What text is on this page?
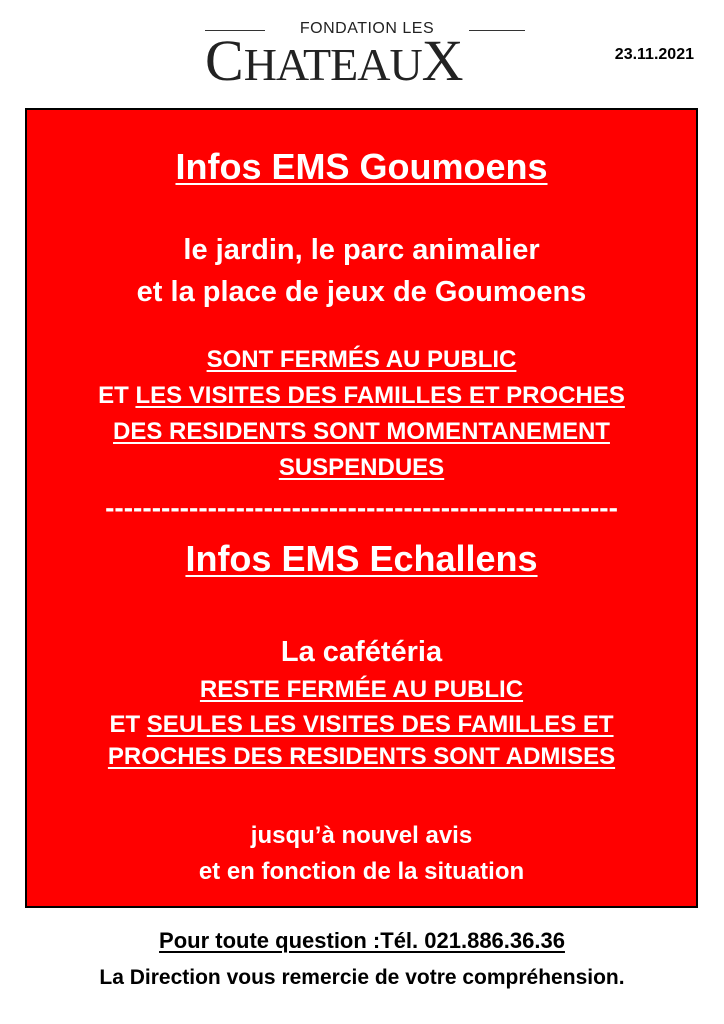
FONDATION LES
CHATEAUX	23.11.2021
Infos EMS Goumoens
le jardin, le parc animalier
et la place de jeux de Goumoens
SONT FERMÉS AU PUBLIC
ET LES VISITES DES FAMILLES ET PROCHES
DES RESIDENTS SONT MOMENTANEMENT
SUSPENDUES
-------------------------------------------------------
Infos EMS Echallens
La cafétéria
RESTE FERMÉE AU PUBLIC
ET SEULES LES VISITES DES FAMILLES ET
PROCHES DES RESIDENTS SONT ADMISES
jusqu’à nouvel avis
et en fonction de la situation
Pour toute question :Tél. 021.886.36.36
La Direction vous remercie de votre compréhension.
